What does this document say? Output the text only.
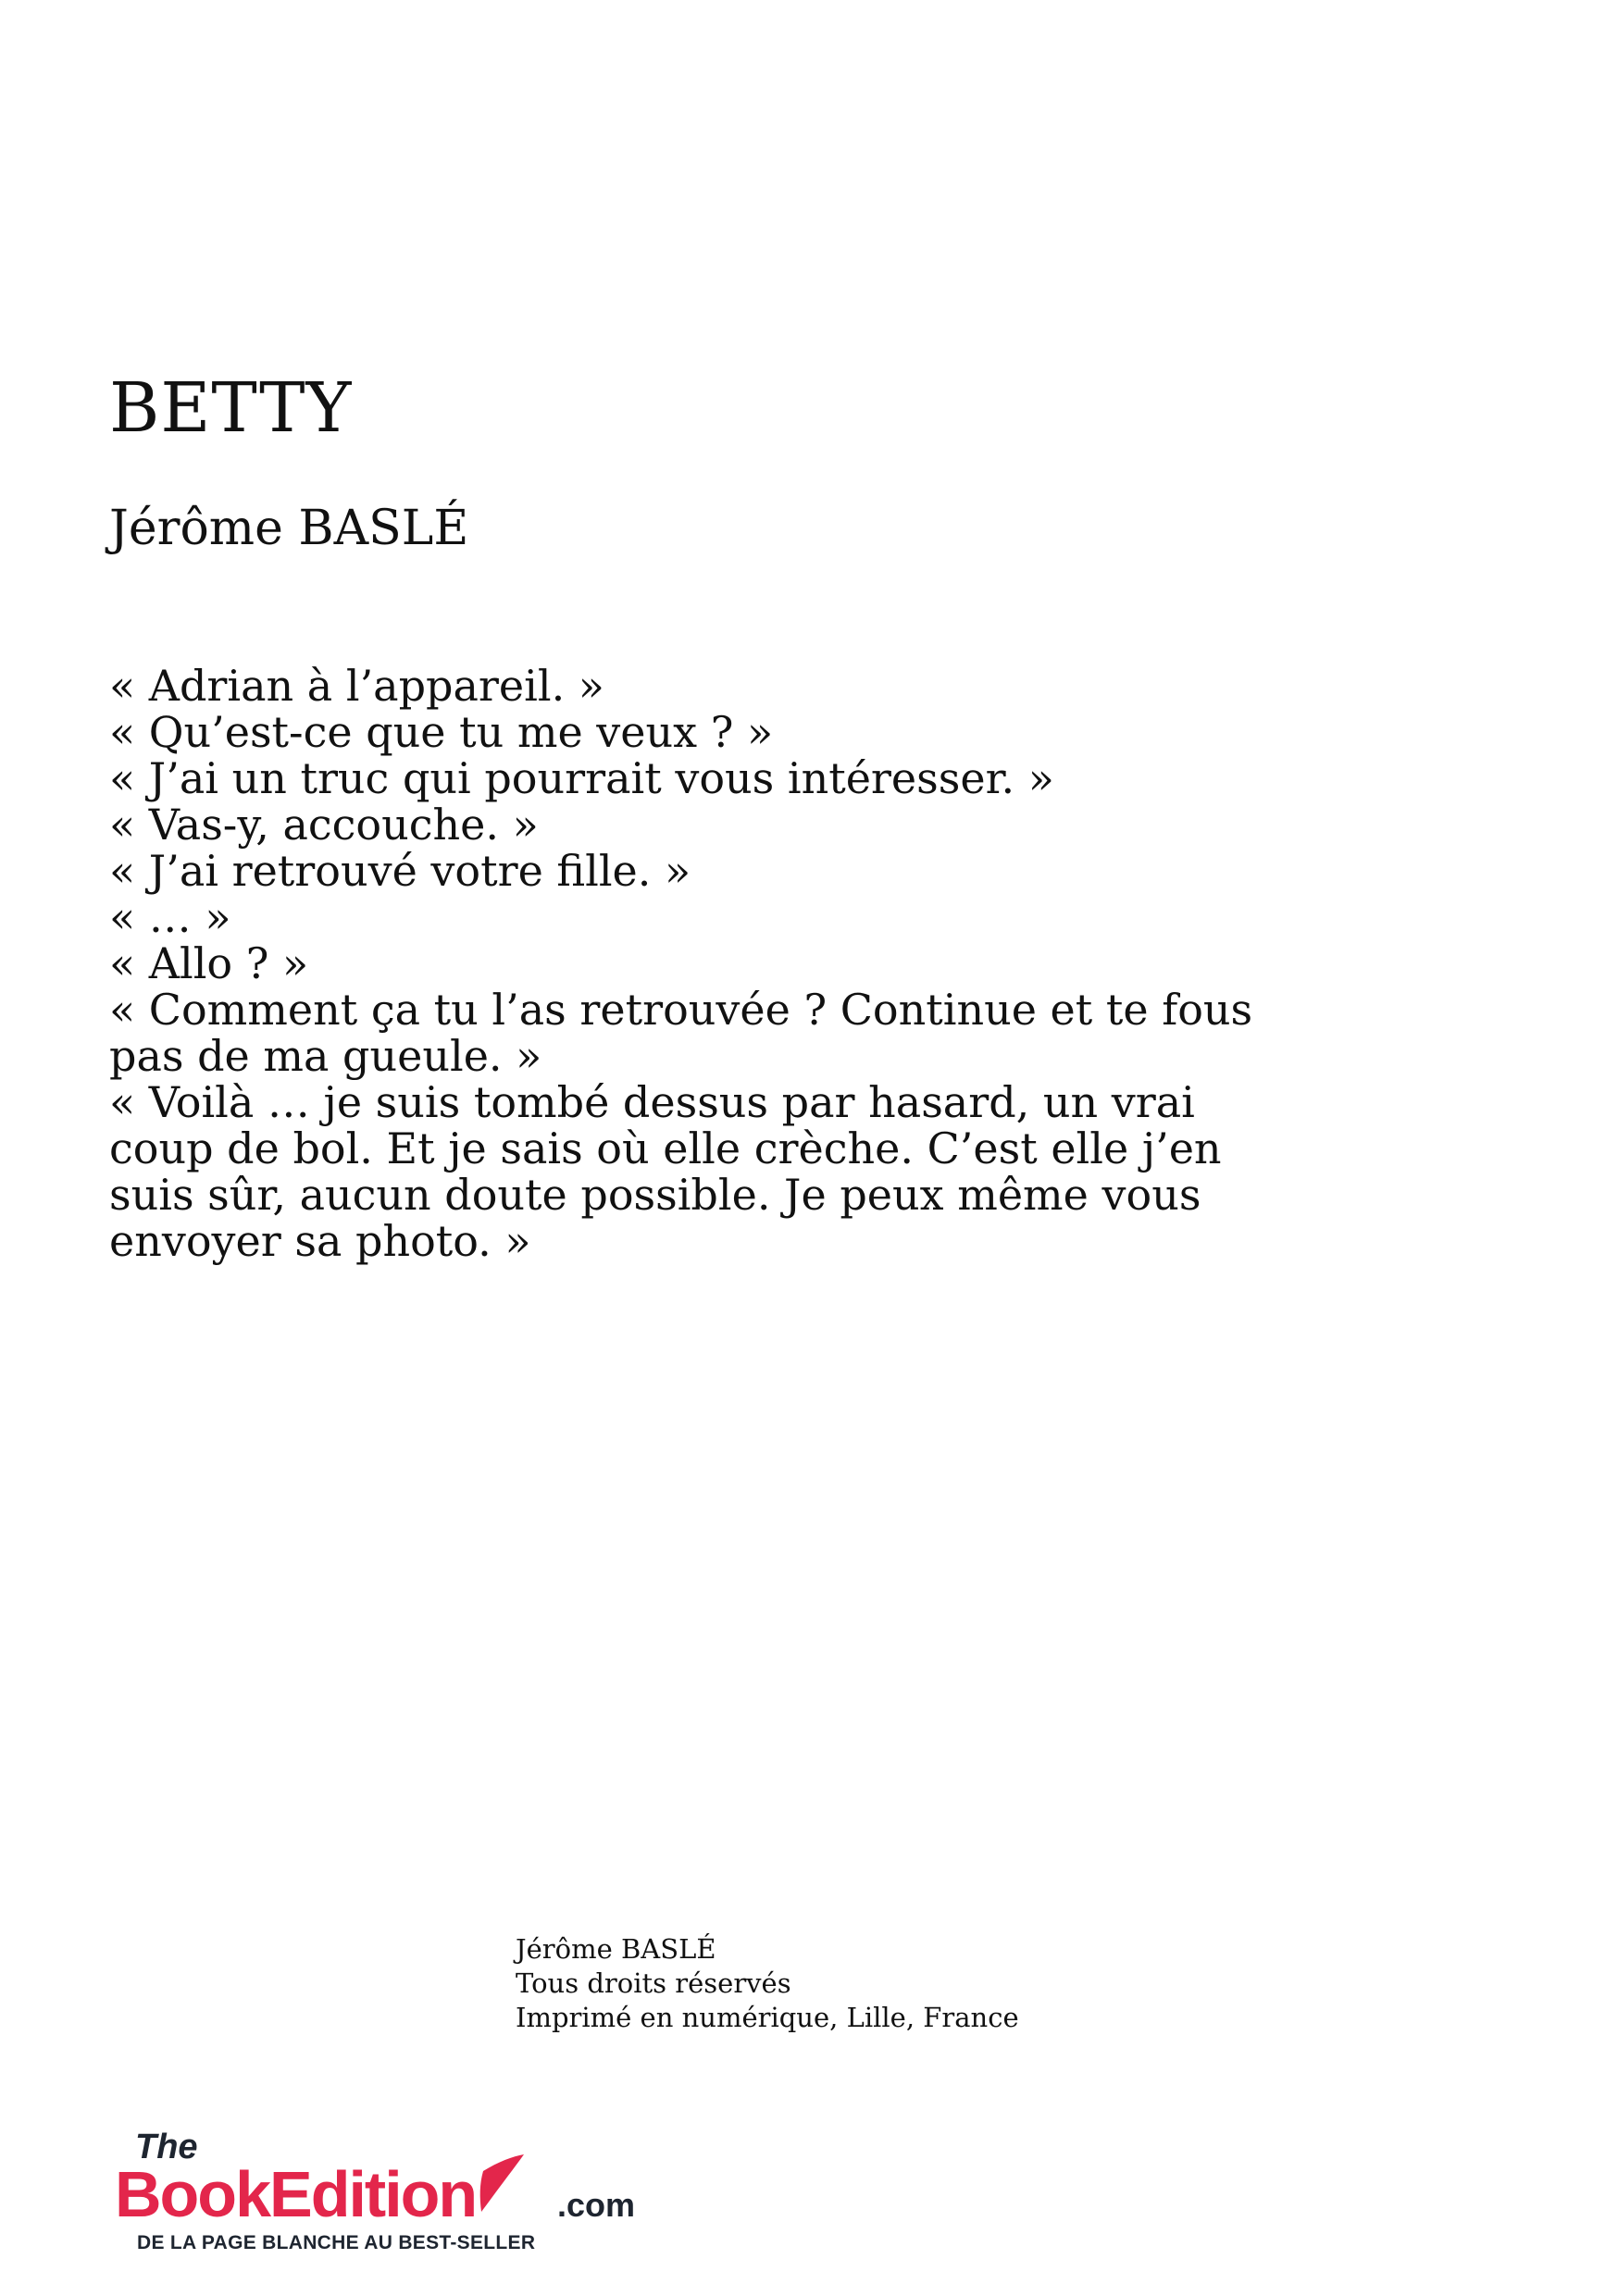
BETTY
Jérôme BASLÉ

« Adrian à l’appareil. »

« Qu’est-ce que tu me veux ? »

« J’ai un truc qui pourrait vous intéresser. »

« Vas-y, accouche. »

« J’ai retrouvé votre fille. »

« … »

« Allo ? »

« Comment ça tu l’as retrouvée ? Continue et te fous pas de ma gueule. »

« Voilà … je suis tombé dessus par hasard, un vrai coup de bol. Et je sais où elle crèche. C’est elle j’en suis sûr, aucun doute possible. Je peux même vous envoyer sa photo. »

Jérôme BASLÉ
Tous droits réservés
Imprimé en numérique, Lille, France
The
BookEdition .com
DE LA PAGE BLANCHE AU BEST-SELLER
